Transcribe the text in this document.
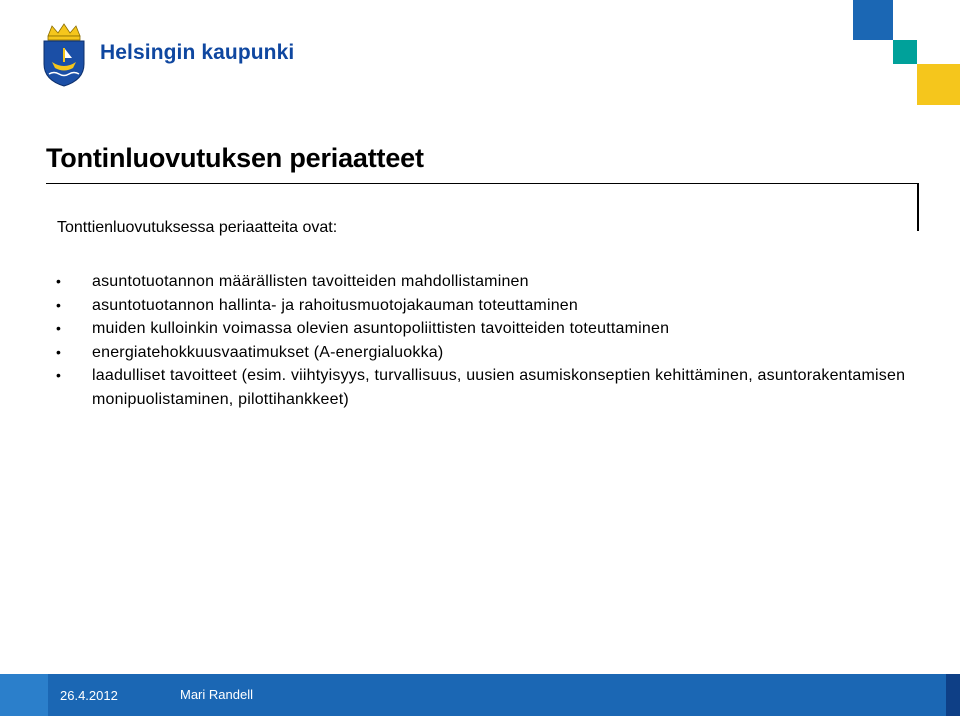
Helsingin kaupunki
Tontinluovutuksen periaatteet
Tonttienluovutuksessa periaatteita ovat:
• asuntotuotannon määrällisten tavoitteiden mahdollistaminen
• asuntotuotannon hallinta- ja rahoitusmuotojakauman toteuttaminen
• muiden kulloinkin voimassa olevien asuntopoliittisten tavoitteiden toteuttaminen
• energiatehokkuusvaatimukset (A-energialuokka)
• laadulliset tavoitteet (esim. viihtyisyys, turvallisuus, uusien asumiskonseptien kehittäminen, asuntorakentamisen monipuolistaminen, pilottihankkeet)
26.4.2012	Mari Randell
